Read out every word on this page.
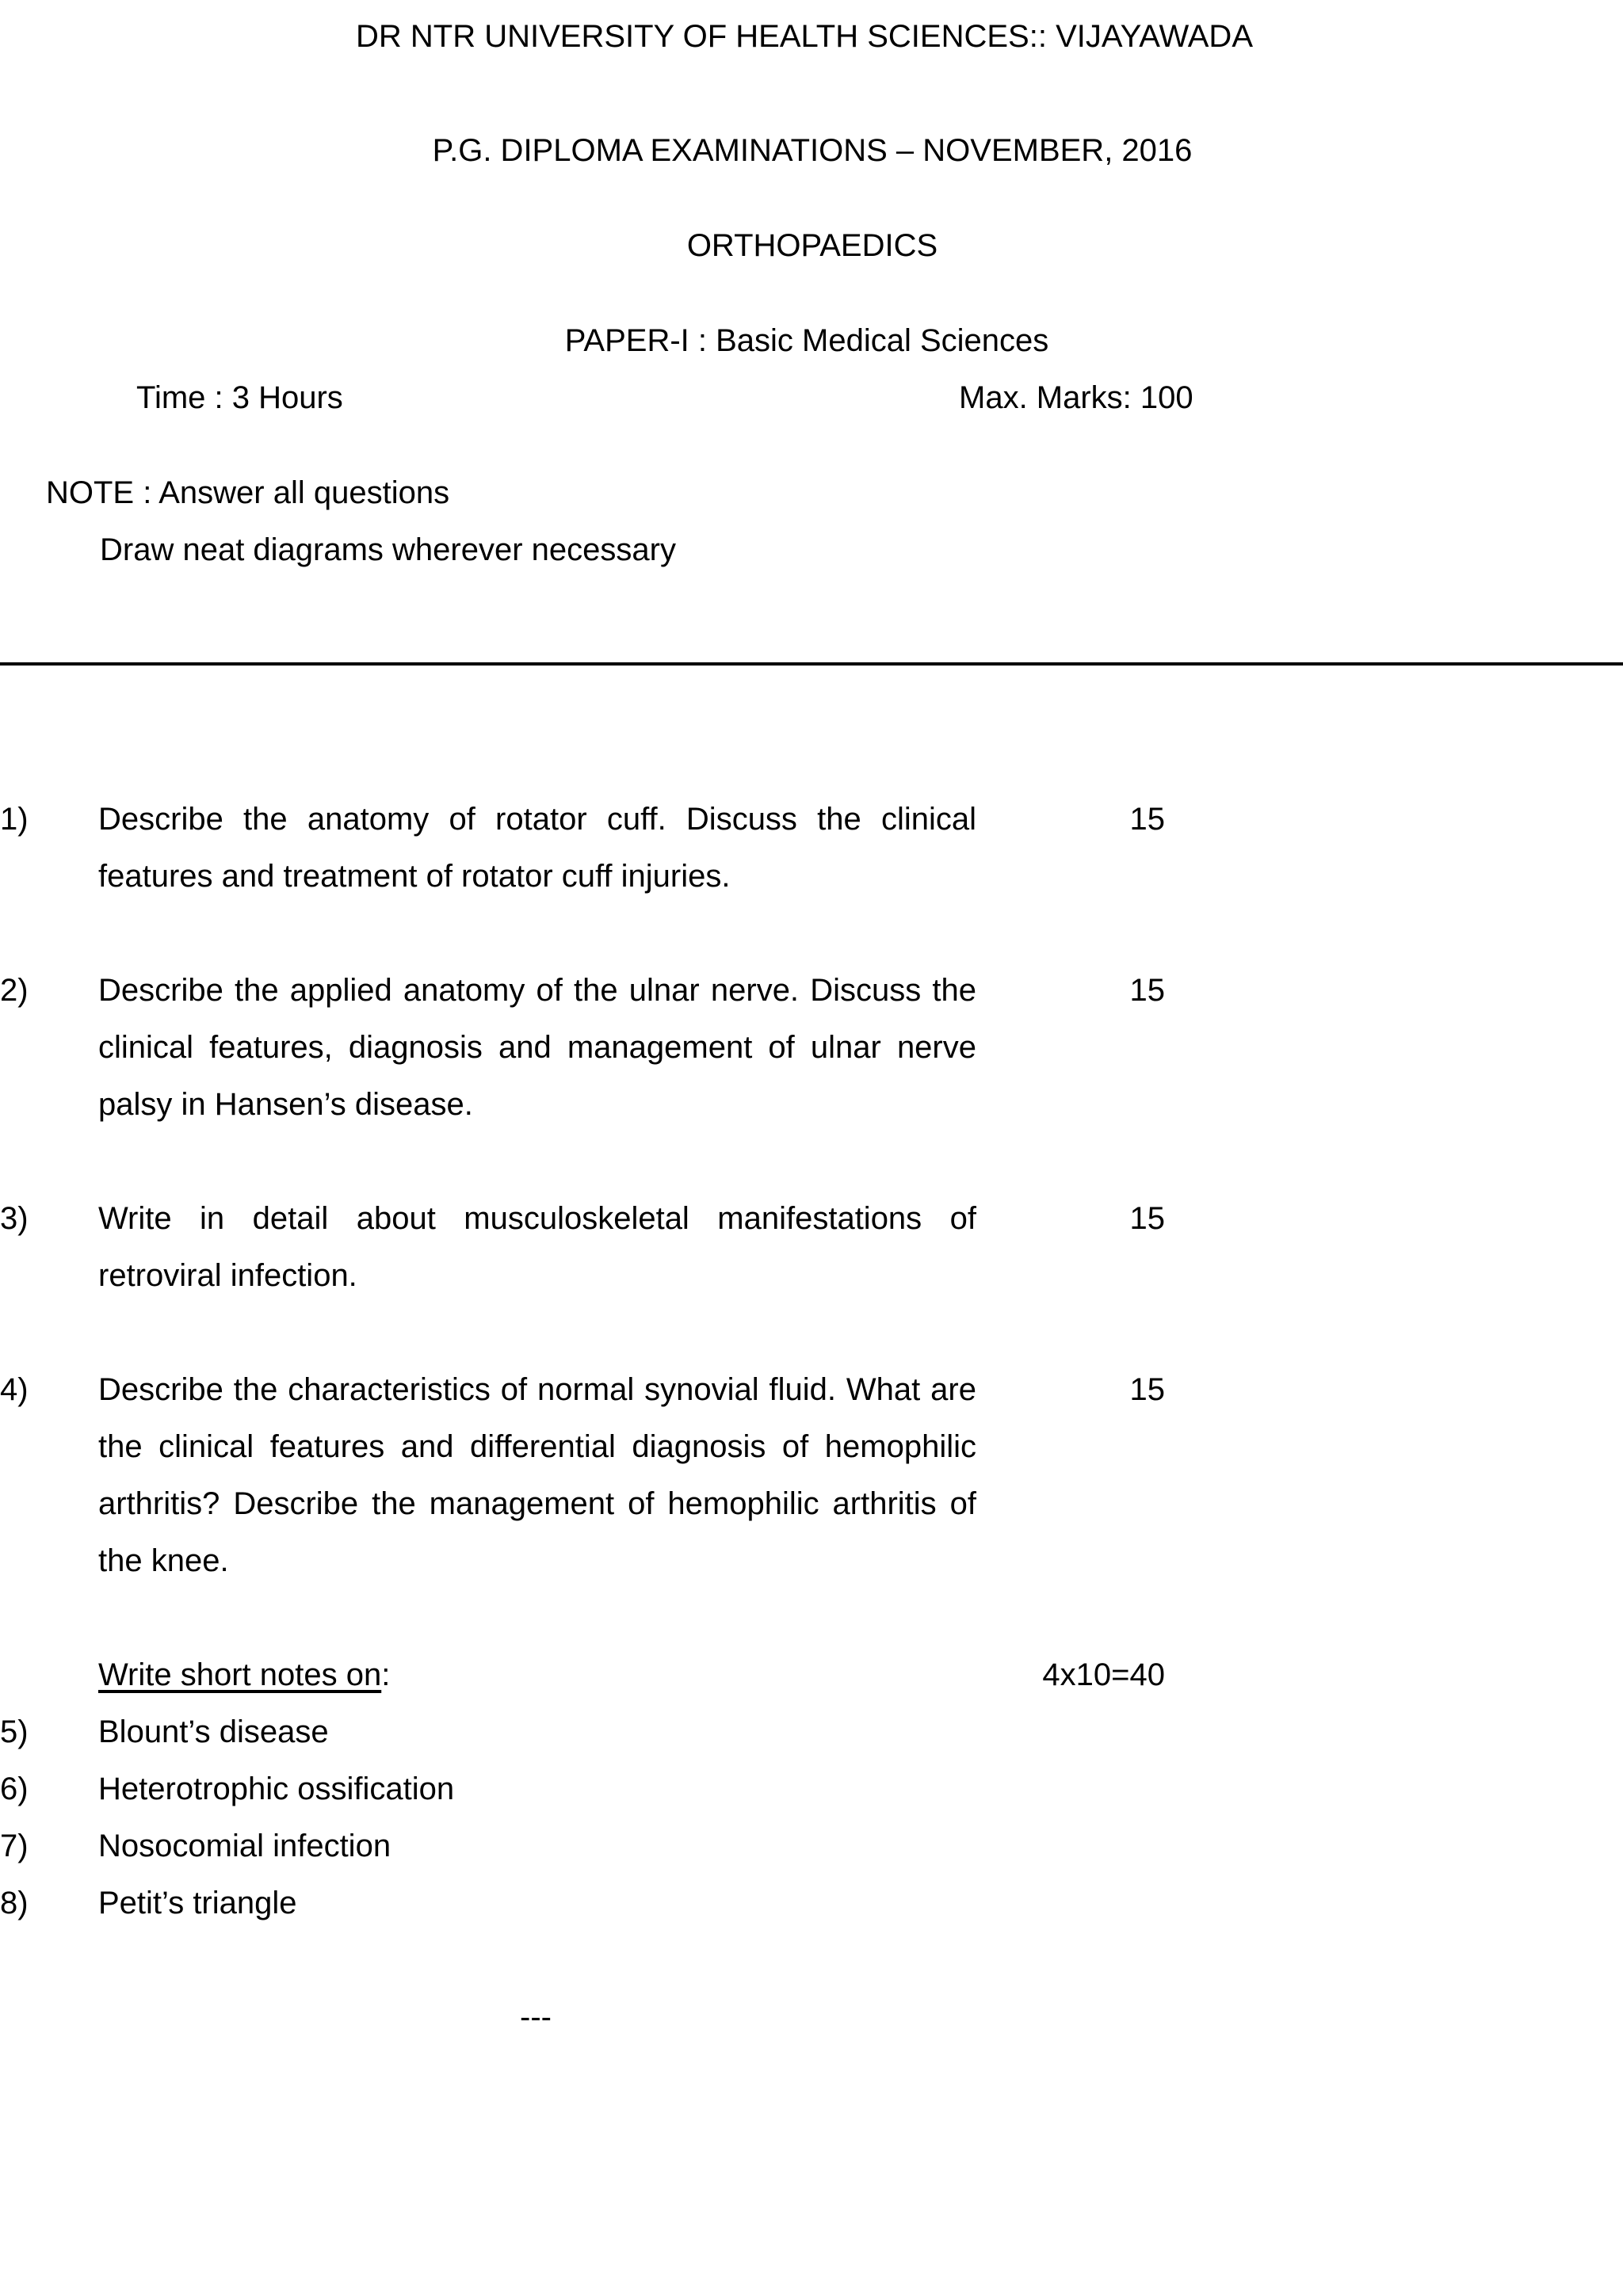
DR NTR UNIVERSITY OF HEALTH SCIENCES:: VIJAYAWADA
P.G. DIPLOMA EXAMINATIONS – NOVEMBER, 2016
ORTHOPAEDICS
PAPER-I : Basic Medical Sciences
Time : 3 Hours	Max. Marks: 100
NOTE : Answer all questions
Draw neat diagrams wherever necessary
1) Describe the anatomy of rotator cuff. Discuss the clinical features and treatment of rotator cuff injuries.
15
2) Describe the applied anatomy of the ulnar nerve. Discuss the clinical features, diagnosis and management of ulnar nerve palsy in Hansen’s disease.
15
3) Write in detail about musculoskeletal manifestations of retroviral infection.
15
4) Describe the characteristics of normal synovial fluid. What are the clinical features and differential diagnosis of hemophilic arthritis? Describe the management of hemophilic arthritis of the knee.
15
Write short notes on:	4x10=40
5) Blount’s disease
6) Heterotrophic ossification
7) Nosocomial infection
8) Petit’s triangle
---
